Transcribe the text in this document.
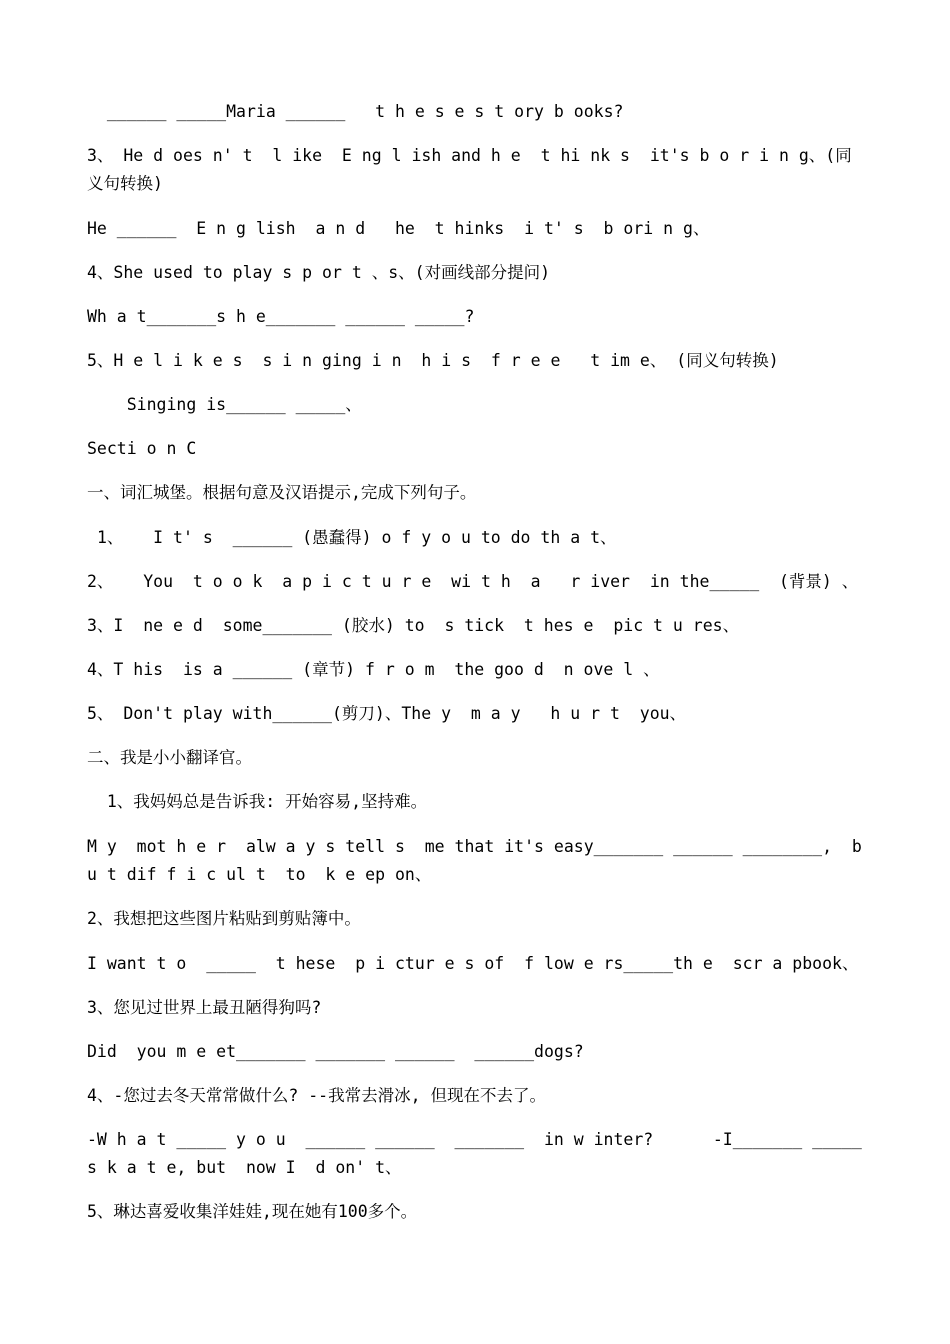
______ _____Maria ______   t h e s e s t ory b ooks?
3、 He d oes n' t  l ike  E ng l ish and h e  t hi nk s  it's b o r i n g、(同义句转换)
He ______  E n g lish  a n d   he  t hinks  i t' s  b ori n g、
4、She used to play s p or t 、s、(对画线部分提问)
Wh a t_______s h e_______ ______ _____?
5、H e l i k e s  s i n ging i n  h i s  f r e e   t im e、 (同义句转换)
Singing is______ _____、
Secti o n C
一、词汇城堡。根据句意及汉语提示,完成下列句子。
1、   I t' s  ______ (愚蠢得) o f y o u to do th a t、
2、   You  t o o k  a p i c t u r e  wi t h  a   r iver  in the_____  (背景) 、
3、I  ne e d  some_______ (胶水) to  s tick  t hes e  pic t u res、
4、T his  is a ______ (章节) f r o m  the goo d  n ove l 、
5、 Don't play with______(剪刀)、The y  m a y   h u r t  you、
二、我是小小翻译官。
1、我妈妈总是告诉我: 开始容易,坚持难。
M y  mot h e r  alw a y s tell s  me that it's easy_______ ______ ________,  b u t dif f i c ul t  to  k e ep on、
2、我想把这些图片粘贴到剪贴簿中。
I want t o  _____  t hese  p i ctur e s of  f low e rs_____th e  scr a pbook、
3、您见过世界上最丑陋得狗吗?
Did  you m e et_______ _______ ______  ______dogs?
4、-您过去冬天常常做什么? --我常去滑冰, 但现在不去了。
-W h a t _____ y o u  ______ ______  _______  in w inter?      -I_______ _____s k a t e, but  now I  d on' t、
5、琳达喜爱收集洋娃娃,现在她有100多个。
